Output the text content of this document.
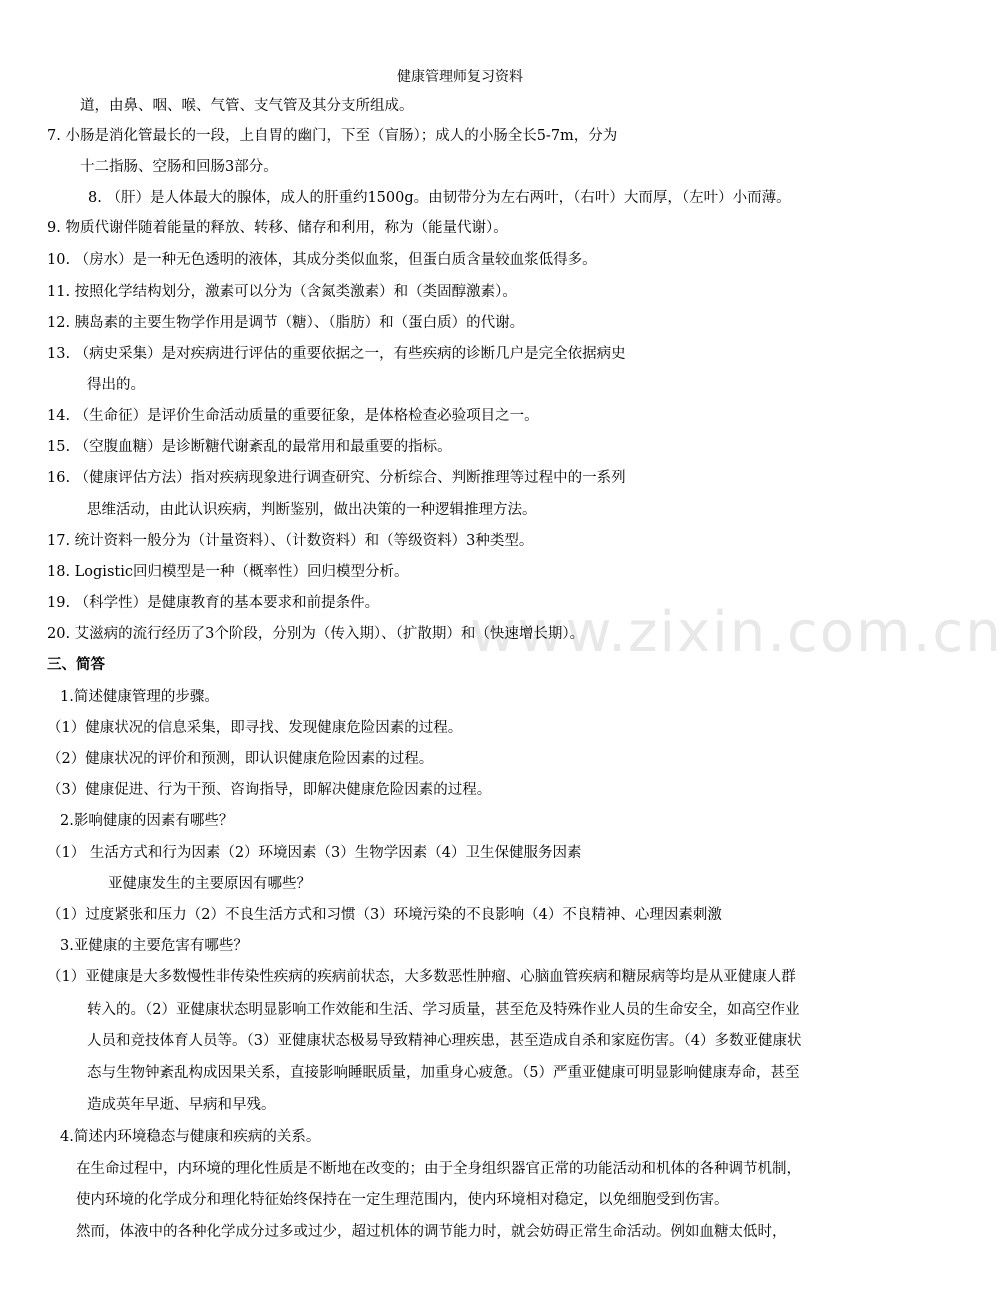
健康管理师复习资料
www.zixin.com.cn
道，由鼻、咽、喉、气管、支气管及其分支所组成。
7. 小肠是消化管最长的一段，上自胃的幽门，下至（盲肠）；成人的小肠全长5-7m，分为
十二指肠、空肠和回肠3部分。
8. （肝）是人体最大的腺体，成人的肝重约1500g。由韧带分为左右两叶，（右叶）大而厚，（左叶）小而薄。
9. 物质代谢伴随着能量的释放、转移、储存和利用，称为（能量代谢）。
10. （房水）是一种无色透明的液体，其成分类似血浆，但蛋白质含量较血浆低得多。
11. 按照化学结构划分，激素可以分为（含氮类激素）和（类固醇激素）。
12. 胰岛素的主要生物学作用是调节（糖）、（脂肪）和（蛋白质）的代谢。
13. （病史采集）是对疾病进行评估的重要依据之一，有些疾病的诊断几户是完全依据病史
得出的。
14. （生命征）是评价生命活动质量的重要征象，是体格检查必验项目之一。
15. （空腹血糖）是诊断糖代谢紊乱的最常用和最重要的指标。
16. （健康评估方法）指对疾病现象进行调查研究、分析综合、判断推理等过程中的一系列
思维活动，由此认识疾病，判断鉴别，做出决策的一种逻辑推理方法。
17. 统计资料一般分为（计量资料）、（计数资料）和（等级资料）3种类型。
18. Logistic回归模型是一种（概率性）回归模型分析。
19. （科学性）是健康教育的基本要求和前提条件。
20. 艾滋病的流行经历了3个阶段，分别为（传入期）、（扩散期）和（快速增长期）。
三、简答
1.简述健康管理的步骤。
（1）健康状况的信息采集，即寻找、发现健康危险因素的过程。
（2）健康状况的评价和预测，即认识健康危险因素的过程。
（3）健康促进、行为干预、咨询指导，即解决健康危险因素的过程。
2.影响健康的因素有哪些？
（1） 生活方式和行为因素（2）环境因素（3）生物学因素（4）卫生保健服务因素
亚健康发生的主要原因有哪些？
（1）过度紧张和压力（2）不良生活方式和习惯（3）环境污染的不良影响（4）不良精神、心理因素刺激
3.亚健康的主要危害有哪些？
（1）亚健康是大多数慢性非传染性疾病的疾病前状态，大多数恶性肿瘤、心脑血管疾病和糖尿病等均是从亚健康人群
转入的。（2）亚健康状态明显影响工作效能和生活、学习质量，甚至危及特殊作业人员的生命安全，如高空作业
人员和竞技体育人员等。（3）亚健康状态极易导致精神心理疾患，甚至造成自杀和家庭伤害。（4）多数亚健康状
态与生物钟紊乱构成因果关系，直接影响睡眠质量，加重身心疲惫。（5）严重亚健康可明显影响健康寿命，甚至
造成英年早逝、早病和早残。
4.简述内环境稳态与健康和疾病的关系。
在生命过程中，内环境的理化性质是不断地在改变的；由于全身组织器官正常的功能活动和机体的各种调节机制，
使内环境的化学成分和理化特征始终保持在一定生理范围内，使内环境相对稳定，以免细胞受到伤害。
然而，体液中的各种化学成分过多或过少，超过机体的调节能力时，就会妨碍正常生命活动。例如血糖太低时，
